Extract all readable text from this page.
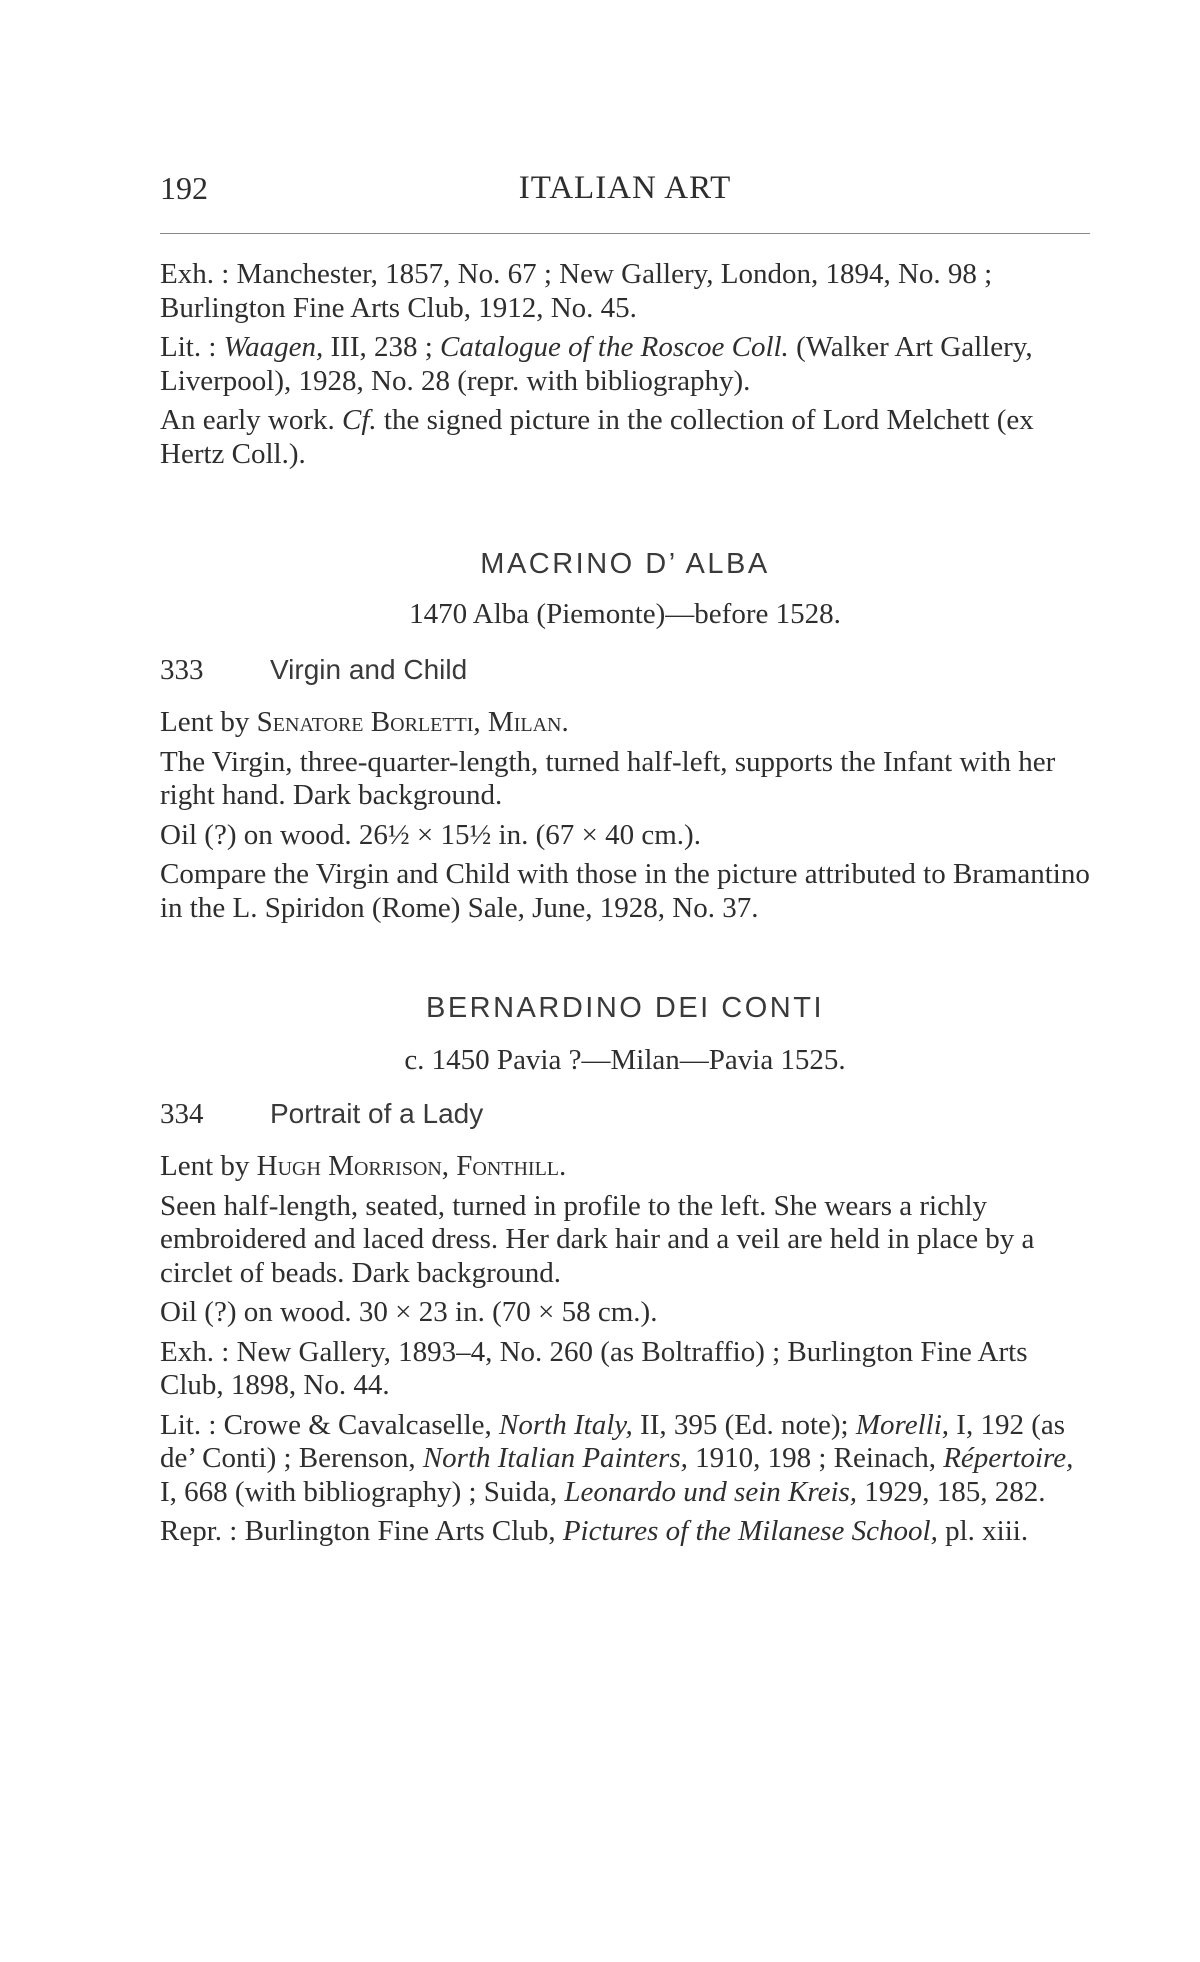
192	ITALIAN ART

Exh. : Manchester, 1857, No. 67 ; New Gallery, London, 1894, No. 98 ; Burlington Fine Arts Club, 1912, No. 45.

Lit. : Waagen, III, 238 ; Catalogue of the Roscoe Coll. (Walker Art Gallery, Liverpool), 1928, No. 28 (repr. with bibliography).

An early work. Cf. the signed picture in the collection of Lord Melchett (ex Hertz Coll.).

MACRINO D’ ALBA
1470 Alba (Piemonte)—before 1528.
333 Virgin and Child

Lent by Senatore Borletti, Milan.

The Virgin, three-quarter-length, turned half-left, supports the Infant with her right hand. Dark background.

Oil (?) on wood. 26½ × 15½ in. (67 × 40 cm.).

Compare the Virgin and Child with those in the picture attributed to Bramantino in the L. Spiridon (Rome) Sale, June, 1928, No. 37.

BERNARDINO DEI CONTI
c. 1450 Pavia ?—Milan—Pavia 1525.
334 Portrait of a Lady

Lent by Hugh Morrison, Fonthill.

Seen half-length, seated, turned in profile to the left. She wears a richly embroidered and laced dress. Her dark hair and a veil are held in place by a circlet of beads. Dark background.

Oil (?) on wood. 30 × 23 in. (70 × 58 cm.).

Exh. : New Gallery, 1893–4, No. 260 (as Boltraffio) ; Burlington Fine Arts Club, 1898, No. 44.

Lit. : Crowe & Cavalcaselle, North Italy, II, 395 (Ed. note); Morelli, I, 192 (as de’ Conti) ; Berenson, North Italian Painters, 1910, 198 ; Reinach, Répertoire, I, 668 (with bibliography) ; Suida, Leonardo und sein Kreis, 1929, 185, 282.

Repr. : Burlington Fine Arts Club, Pictures of the Milanese School, pl. xiii.
